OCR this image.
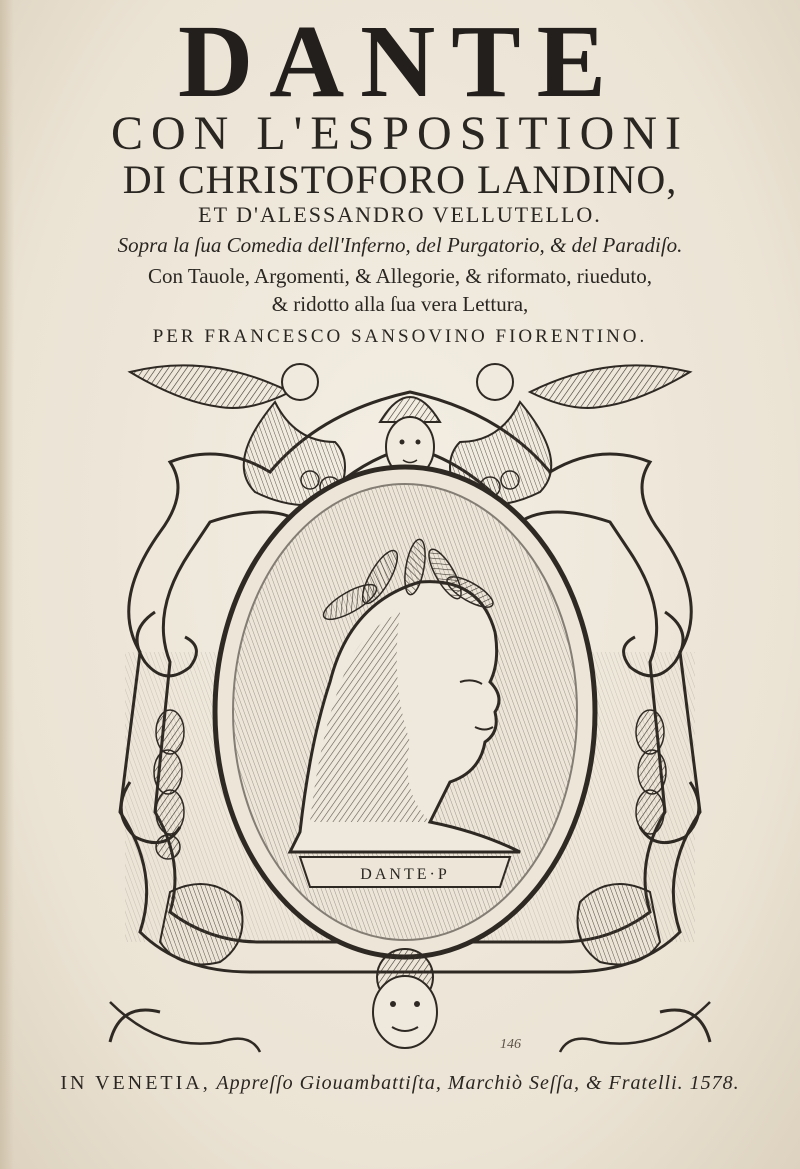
DANTE
CON L'ESPOSITIONI
DI CHRISTOFORO LANDINO,
ET D'ALESSANDRO VELLUTELLO.
Sopra la ſua Comedia dell'Inferno, del Purgatorio, & del Paradiſo.
Con Tauole, Argomenti, & Allegorie, & riformato, riueduto,
& ridotto alla ſua vera Lettura,
PER FRANCESCO SANSOVINO FIORENTINO.
DANTE·P
146
IN VENETIA, Appreſſo Giouambattiſta, Marchiò Seſſa, & Fratelli. 1578.
